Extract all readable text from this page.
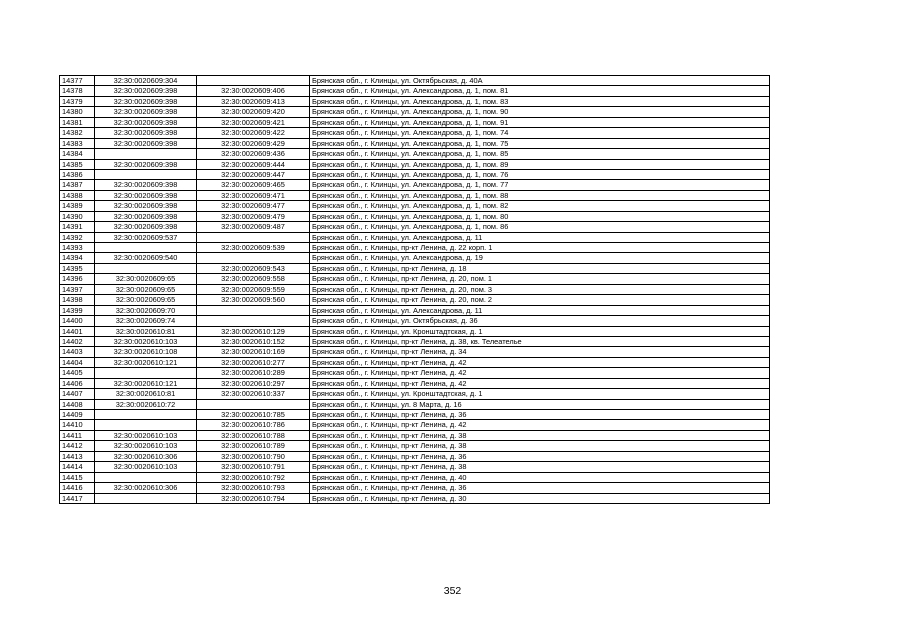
14377	32:30:0020609:304		Брянская обл., г. Клинцы, ул. Октябрьская, д. 40А
14378	32:30:0020609:398	32:30:0020609:406	Брянская обл., г. Клинцы, ул. Александрова, д. 1, пом. 81
14379	32:30:0020609:398	32:30:0020609:413	Брянская обл., г. Клинцы, ул. Александрова, д. 1, пом. 83
14380	32:30:0020609:398	32:30:0020609:420	Брянская обл., г. Клинцы, ул. Александрова, д. 1, пом. 90
14381	32:30:0020609:398	32:30:0020609:421	Брянская обл., г. Клинцы, ул. Александрова, д. 1, пом. 91
14382	32:30:0020609:398	32:30:0020609:422	Брянская обл., г. Клинцы, ул. Александрова, д. 1, пом. 74
14383	32:30:0020609:398	32:30:0020609:429	Брянская обл., г. Клинцы, ул. Александрова, д. 1, пом. 75
14384		32:30:0020609:436	Брянская обл., г. Клинцы, ул. Александрова, д. 1, пом. 85
14385	32:30:0020609:398	32:30:0020609:444	Брянская обл., г. Клинцы, ул. Александрова, д. 1, пом. 89
14386		32:30:0020609:447	Брянская обл., г. Клинцы, ул. Александрова, д. 1, пом. 76
14387	32:30:0020609:398	32:30:0020609:465	Брянская обл., г. Клинцы, ул. Александрова, д. 1, пом. 77
14388	32:30:0020609:398	32:30:0020609:471	Брянская обл., г. Клинцы, ул. Александрова, д. 1, пом. 88
14389	32:30:0020609:398	32:30:0020609:477	Брянская обл., г. Клинцы, ул. Александрова, д. 1, пом. 82
14390	32:30:0020609:398	32:30:0020609:479	Брянская обл., г. Клинцы, ул. Александрова, д. 1, пом. 80
14391	32:30:0020609:398	32:30:0020609:487	Брянская обл., г. Клинцы, ул. Александрова, д. 1, пом. 86
14392	32:30:0020609:537		Брянская обл., г. Клинцы, ул. Александрова, д. 11
14393		32:30:0020609:539	Брянская обл., г. Клинцы, пр-кт Ленина, д. 22 корп. 1
14394	32:30:0020609:540		Брянская обл., г. Клинцы, ул. Александрова, д. 19
14395		32:30:0020609:543	Брянская обл., г. Клинцы, пр-кт Ленина, д. 18
14396	32:30:0020609:65	32:30:0020609:558	Брянская обл., г. Клинцы, пр-кт Ленина, д. 20, пом. 1
14397	32:30:0020609:65	32:30:0020609:559	Брянская обл., г. Клинцы, пр-кт Ленина, д. 20, пом. 3
14398	32:30:0020609:65	32:30:0020609:560	Брянская обл., г. Клинцы, пр-кт Ленина, д. 20, пом. 2
14399	32:30:0020609:70		Брянская обл., г. Клинцы, ул. Александрова, д. 11
14400	32:30:0020609:74		Брянская обл., г. Клинцы, ул. Октябрьская, д. 36
14401	32:30:0020610:81	32:30:0020610:129	Брянская обл., г. Клинцы, ул. Кронштадтская, д. 1
14402	32:30:0020610:103	32:30:0020610:152	Брянская обл., г. Клинцы, пр-кт Ленина, д. 38, кв. Телеательe
14403	32:30:0020610:108	32:30:0020610:169	Брянская обл., г. Клинцы, пр-кт Ленина, д. 34
14404	32:30:0020610:121	32:30:0020610:277	Брянская обл., г. Клинцы, пр-кт Ленина, д. 42
14405		32:30:0020610:289	Брянская обл., г. Клинцы, пр-кт Ленина, д. 42
14406	32:30:0020610:121	32:30:0020610:297	Брянская обл., г. Клинцы, пр-кт Ленина, д. 42
14407	32:30:0020610:81	32:30:0020610:337	Брянская обл., г. Клинцы, ул. Кронштадтская, д. 1
14408	32:30:0020610:72		Брянская обл., г. Клинцы, ул. 8 Марта, д. 16
14409		32:30:0020610:785	Брянская обл., г. Клинцы, пр-кт Ленина, д. 36
14410		32:30:0020610:786	Брянская обл., г. Клинцы, пр-кт Ленина, д. 42
14411	32:30:0020610:103	32:30:0020610:788	Брянская обл., г. Клинцы, пр-кт Ленина, д. 38
14412	32:30:0020610:103	32:30:0020610:789	Брянская обл., г. Клинцы, пр-кт Ленина, д. 38
14413	32:30:0020610:306	32:30:0020610:790	Брянская обл., г. Клинцы, пр-кт Ленина, д. 36
14414	32:30:0020610:103	32:30:0020610:791	Брянская обл., г. Клинцы, пр-кт Ленина, д. 38
14415		32:30:0020610:792	Брянская обл., г. Клинцы, пр-кт Ленина, д. 40
14416	32:30:0020610:306	32:30:0020610:793	Брянская обл., г. Клинцы, пр-кт Ленина, д. 36
14417		32:30:0020610:794	Брянская обл., г. Клинцы, пр-кт Ленина, д. 30
352
